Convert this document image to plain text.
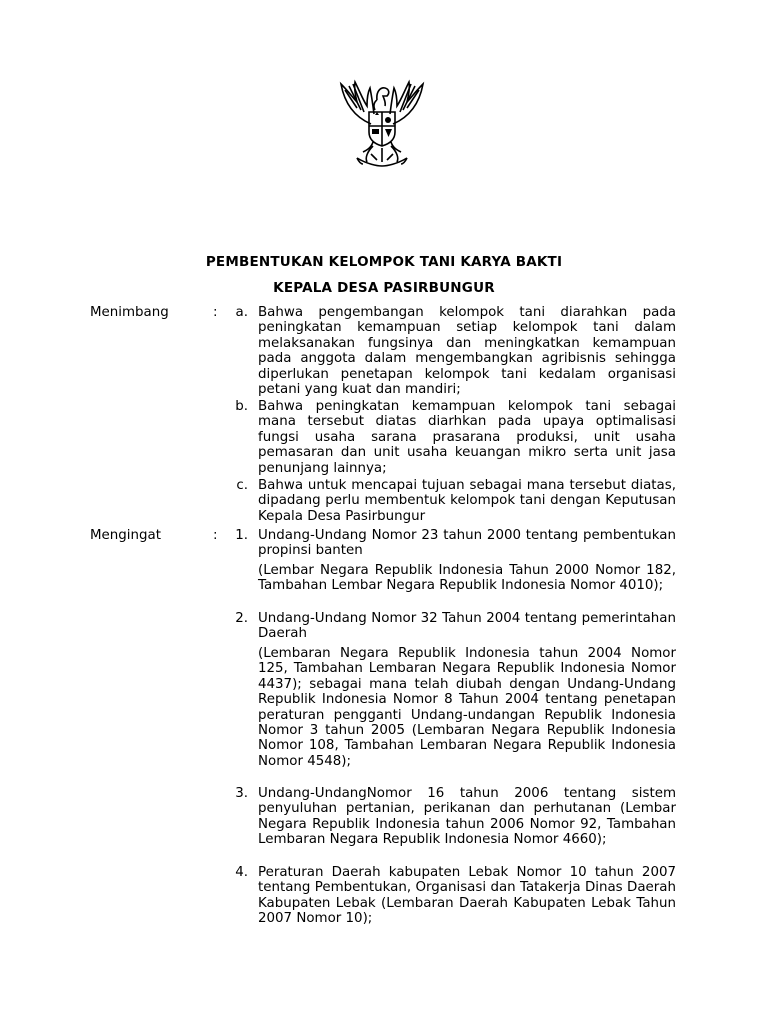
PEMBENTUKAN KELOMPOK TANI KARYA BAKTI
KEPALA DESA PASIRBUNGUR
Menimbang	:	a. Bahwa pengembangan kelompok tani diarahkan pada peningkatan kemampuan setiap kelompok tani dalam melaksanakan fungsinya dan meningkatkan kemampuan pada anggota dalam mengembangkan agribisnis sehingga diperlukan penetapan kelompok tani kedalam organisasi petani yang kuat dan mandiri;

b. Bahwa peningkatan kemampuan kelompok tani sebagai mana tersebut diatas diarhkan pada upaya optimalisasi fungsi usaha sarana prasarana produksi, unit usaha pemasaran dan unit usaha keuangan mikro serta unit jasa penunjang lainnya;

c. Bahwa untuk mencapai tujuan sebagai mana tersebut diatas, dipadang perlu membentuk kelompok tani dengan Keputusan Kepala Desa Pasirbungur

Mengingat	:	1. Undang-Undang Nomor 23 tahun 2000 tentang pembentukan propinsi banten

(Lembar Negara Republik Indonesia Tahun 2000 Nomor 182, Tambahan Lembar Negara Republik Indonesia Nomor 4010);

2. Undang-Undang Nomor 32 Tahun 2004 tentang pemerintahan Daerah

(Lembaran Negara Republik Indonesia tahun 2004 Nomor 125, Tambahan Lembaran Negara Republik Indonesia Nomor 4437); sebagai mana telah diubah dengan Undang-Undang Republik Indonesia Nomor 8 Tahun 2004 tentang penetapan peraturan pengganti Undang-undangan Republik Indonesia Nomor 3 tahun 2005 (Lembaran Negara Republik Indonesia Nomor 108, Tambahan Lembaran Negara Republik Indonesia Nomor 4548);

3. Undang-UndangNomor 16 tahun 2006 tentang sistem penyuluhan pertanian, perikanan dan perhutanan (Lembar Negara Republik Indonesia tahun 2006 Nomor 92, Tambahan Lembaran Negara Republik Indonesia Nomor 4660);

4. Peraturan Daerah kabupaten Lebak Nomor 10 tahun 2007 tentang Pembentukan, Organisasi dan Tatakerja Dinas Daerah Kabupaten Lebak (Lembaran Daerah Kabupaten Lebak Tahun 2007 Nomor 10);
